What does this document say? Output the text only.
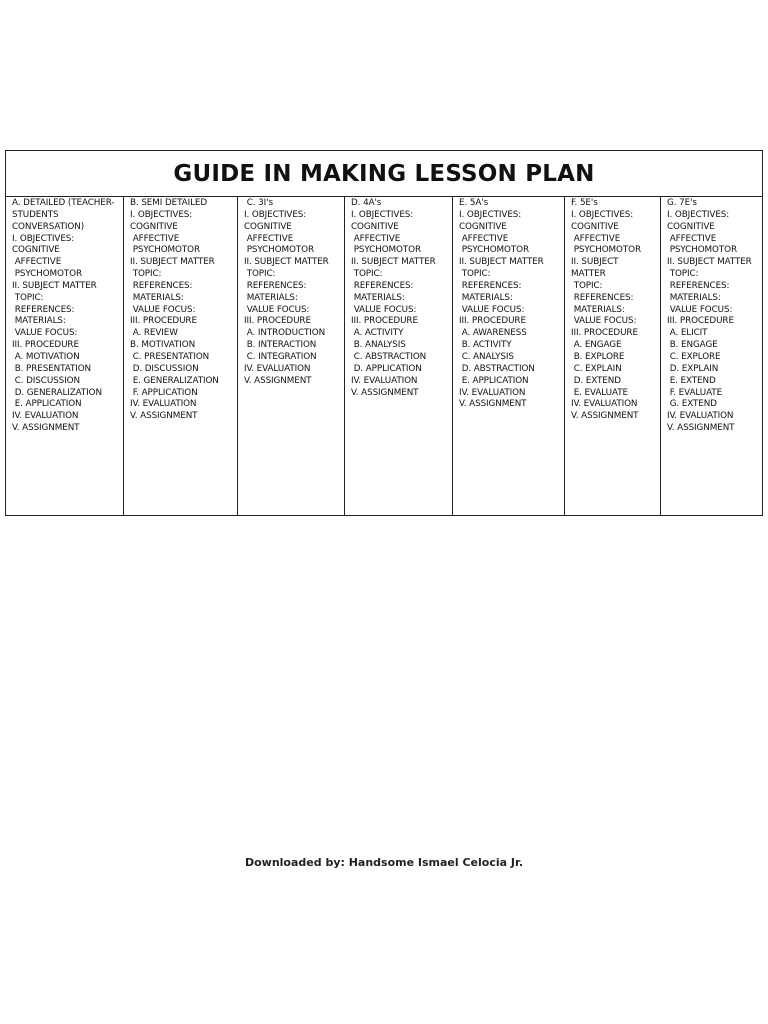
GUIDE IN MAKING LESSON PLAN
A. DETAILED (TEACHER-
STUDENTS
CONVERSATION)
I. OBJECTIVES:
COGNITIVE
AFFECTIVE
PSYCHOMOTOR
II. SUBJECT MATTER
TOPIC:
REFERENCES:
MATERIALS:
VALUE FOCUS:
III. PROCEDURE
A. MOTIVATION
B. PRESENTATION
C. DISCUSSION
D. GENERALIZATION
E. APPLICATION
IV. EVALUATION
V. ASSIGNMENT
B. SEMI DETAILED
I. OBJECTIVES:
COGNITIVE
AFFECTIVE
PSYCHOMOTOR
II. SUBJECT MATTER
TOPIC:
REFERENCES:
MATERIALS:
VALUE FOCUS:
III. PROCEDURE
A. REVIEW
B. MOTIVATION
C. PRESENTATION
D. DISCUSSION
E. GENERALIZATION
F. APPLICATION
IV. EVALUATION
V. ASSIGNMENT
C. 3I's
I. OBJECTIVES:
COGNITIVE
AFFECTIVE
PSYCHOMOTOR
II. SUBJECT MATTER
TOPIC:
REFERENCES:
MATERIALS:
VALUE FOCUS:
III. PROCEDURE
A. INTRODUCTION
B. INTERACTION
C. INTEGRATION
IV. EVALUATION
V. ASSIGNMENT
D. 4A's
I. OBJECTIVES:
COGNITIVE
AFFECTIVE
PSYCHOMOTOR
II. SUBJECT MATTER
TOPIC:
REFERENCES:
MATERIALS:
VALUE FOCUS:
III. PROCEDURE
A. ACTIVITY
B. ANALYSIS
C. ABSTRACTION
D. APPLICATION
IV. EVALUATION
V. ASSIGNMENT
E. 5A's
I. OBJECTIVES:
COGNITIVE
AFFECTIVE
PSYCHOMOTOR
II. SUBJECT MATTER
TOPIC:
REFERENCES:
MATERIALS:
VALUE FOCUS:
III. PROCEDURE
A. AWARENESS
B. ACTIVITY
C. ANALYSIS
D. ABSTRACTION
E. APPLICATION
IV. EVALUATION
V. ASSIGNMENT
F. 5E's
I. OBJECTIVES:
COGNITIVE
AFFECTIVE
PSYCHOMOTOR
II. SUBJECT
MATTER
TOPIC:
REFERENCES:
MATERIALS:
VALUE FOCUS:
III. PROCEDURE
A. ENGAGE
B. EXPLORE
C. EXPLAIN
D. EXTEND
E. EVALUATE
IV. EVALUATION
V. ASSIGNMENT
G. 7E's
I. OBJECTIVES:
COGNITIVE
AFFECTIVE
PSYCHOMOTOR
II. SUBJECT MATTER
TOPIC:
REFERENCES:
MATERIALS:
VALUE FOCUS:
III. PROCEDURE
A. ELICIT
B. ENGAGE
C. EXPLORE
D. EXPLAIN
E. EXTEND
F. EVALUATE
G. EXTEND
IV. EVALUATION
V. ASSIGNMENT
Downloaded by: Handsome Ismael Celocia Jr.
